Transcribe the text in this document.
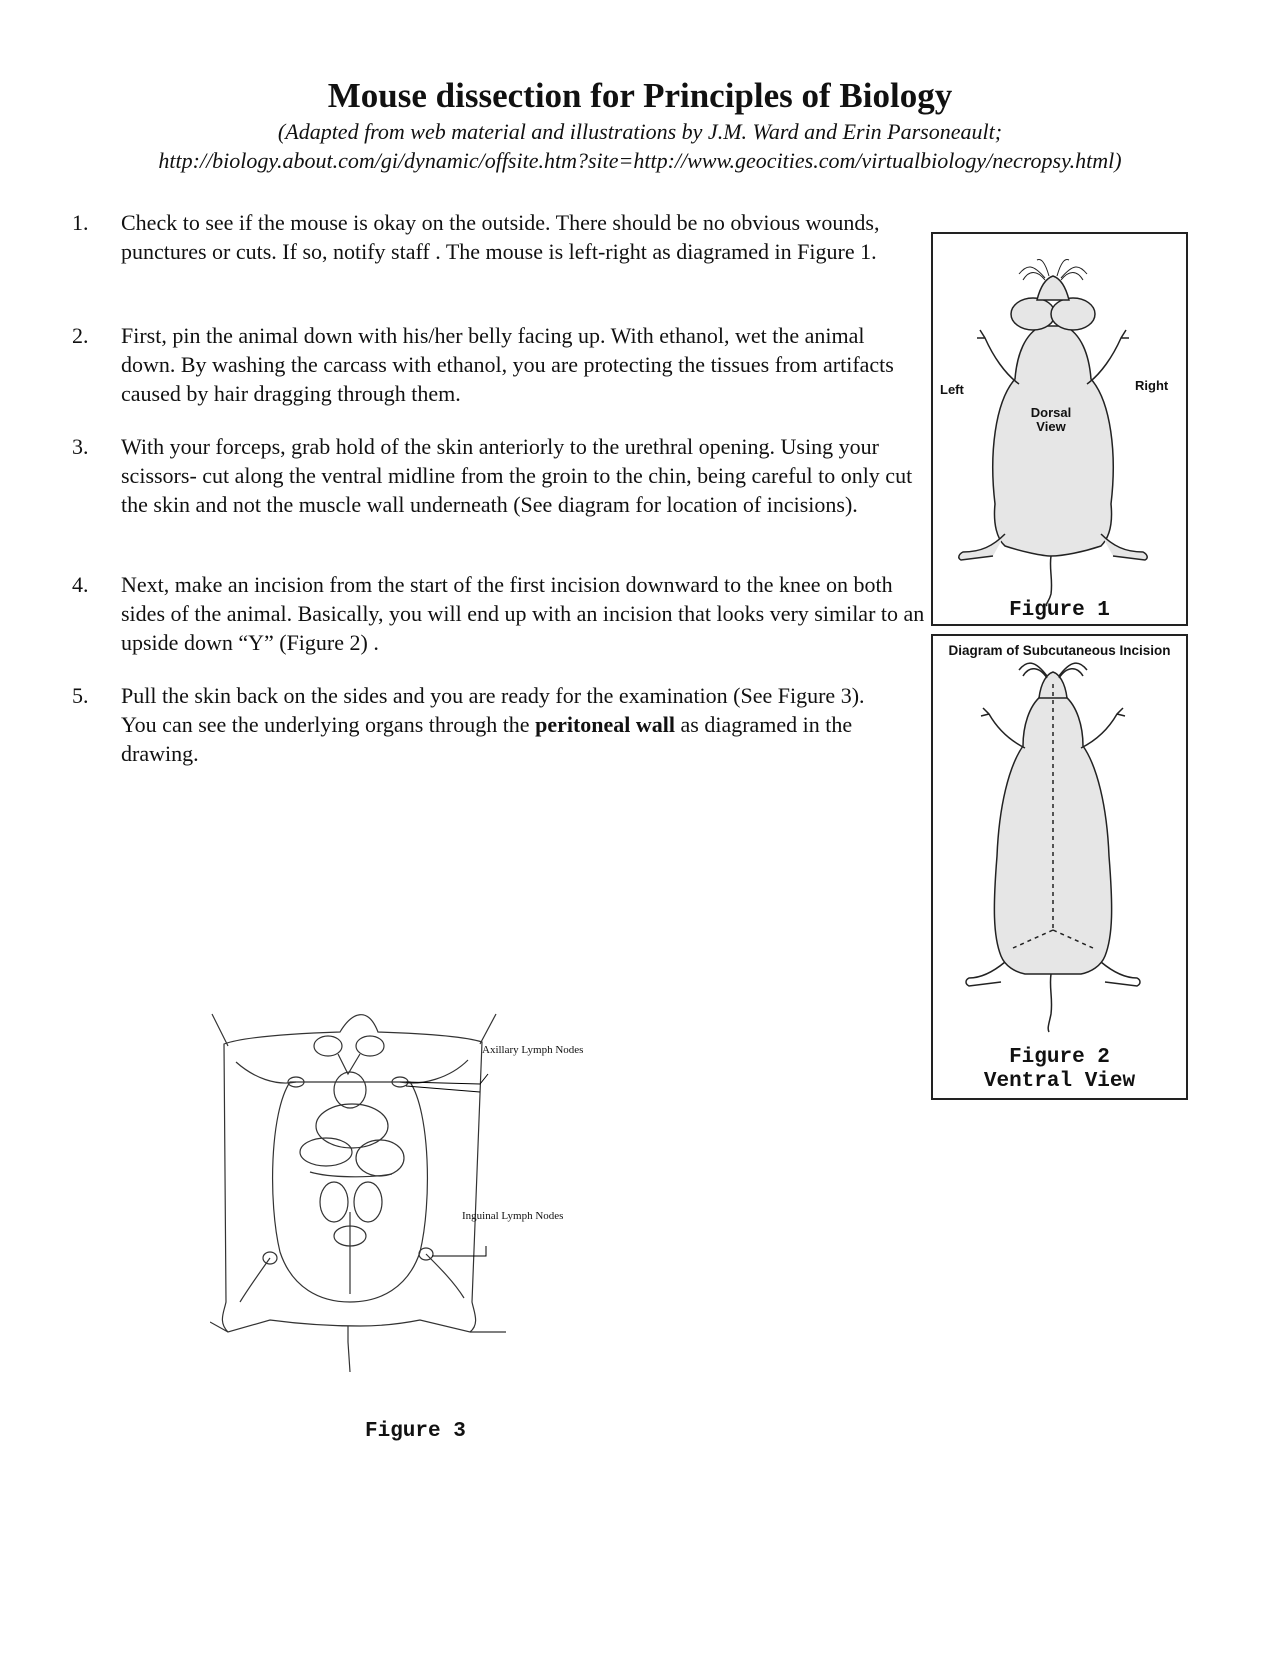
Mouse dissection for Principles of Biology
(Adapted from web material and illustrations by J.M. Ward and Erin Parsoneault;
http://biology.about.com/gi/dynamic/offsite.htm?site=http://www.geocities.com/virtualbiology/necropsy.html)
1.	Check to see if the mouse is okay on the outside. There should be no obvious wounds, punctures or cuts. If so, notify staff . The mouse is left-right as diagramed in Figure 1.
2.	First, pin the animal down with his/her belly facing up. With ethanol, wet the animal down. By washing the carcass with ethanol, you are protecting the tissues from artifacts caused by hair dragging through them.
3.	With your forceps, grab hold of the skin anteriorly to the urethral opening. Using your scissors- cut along the ventral midline from the groin to the chin, being careful to only cut the skin and not the muscle wall underneath (See diagram for location of incisions).
4.	Next, make an incision from the start of the first incision downward to the knee on both sides of the animal. Basically, you will end up with an incision that looks very similar to an upside down “Y” (Figure 2) .
5.	Pull the skin back on the sides and you are ready for the examination (See Figure 3). You can see the underlying organs through the peritoneal wall as diagramed in the drawing.
Left	Right
Dorsal
View
Figure 1
Diagram of Subcutaneous Incision
Figure 2
Ventral View
Axillary Lymph Nodes
Inguinal Lymph Nodes
Figure 3
